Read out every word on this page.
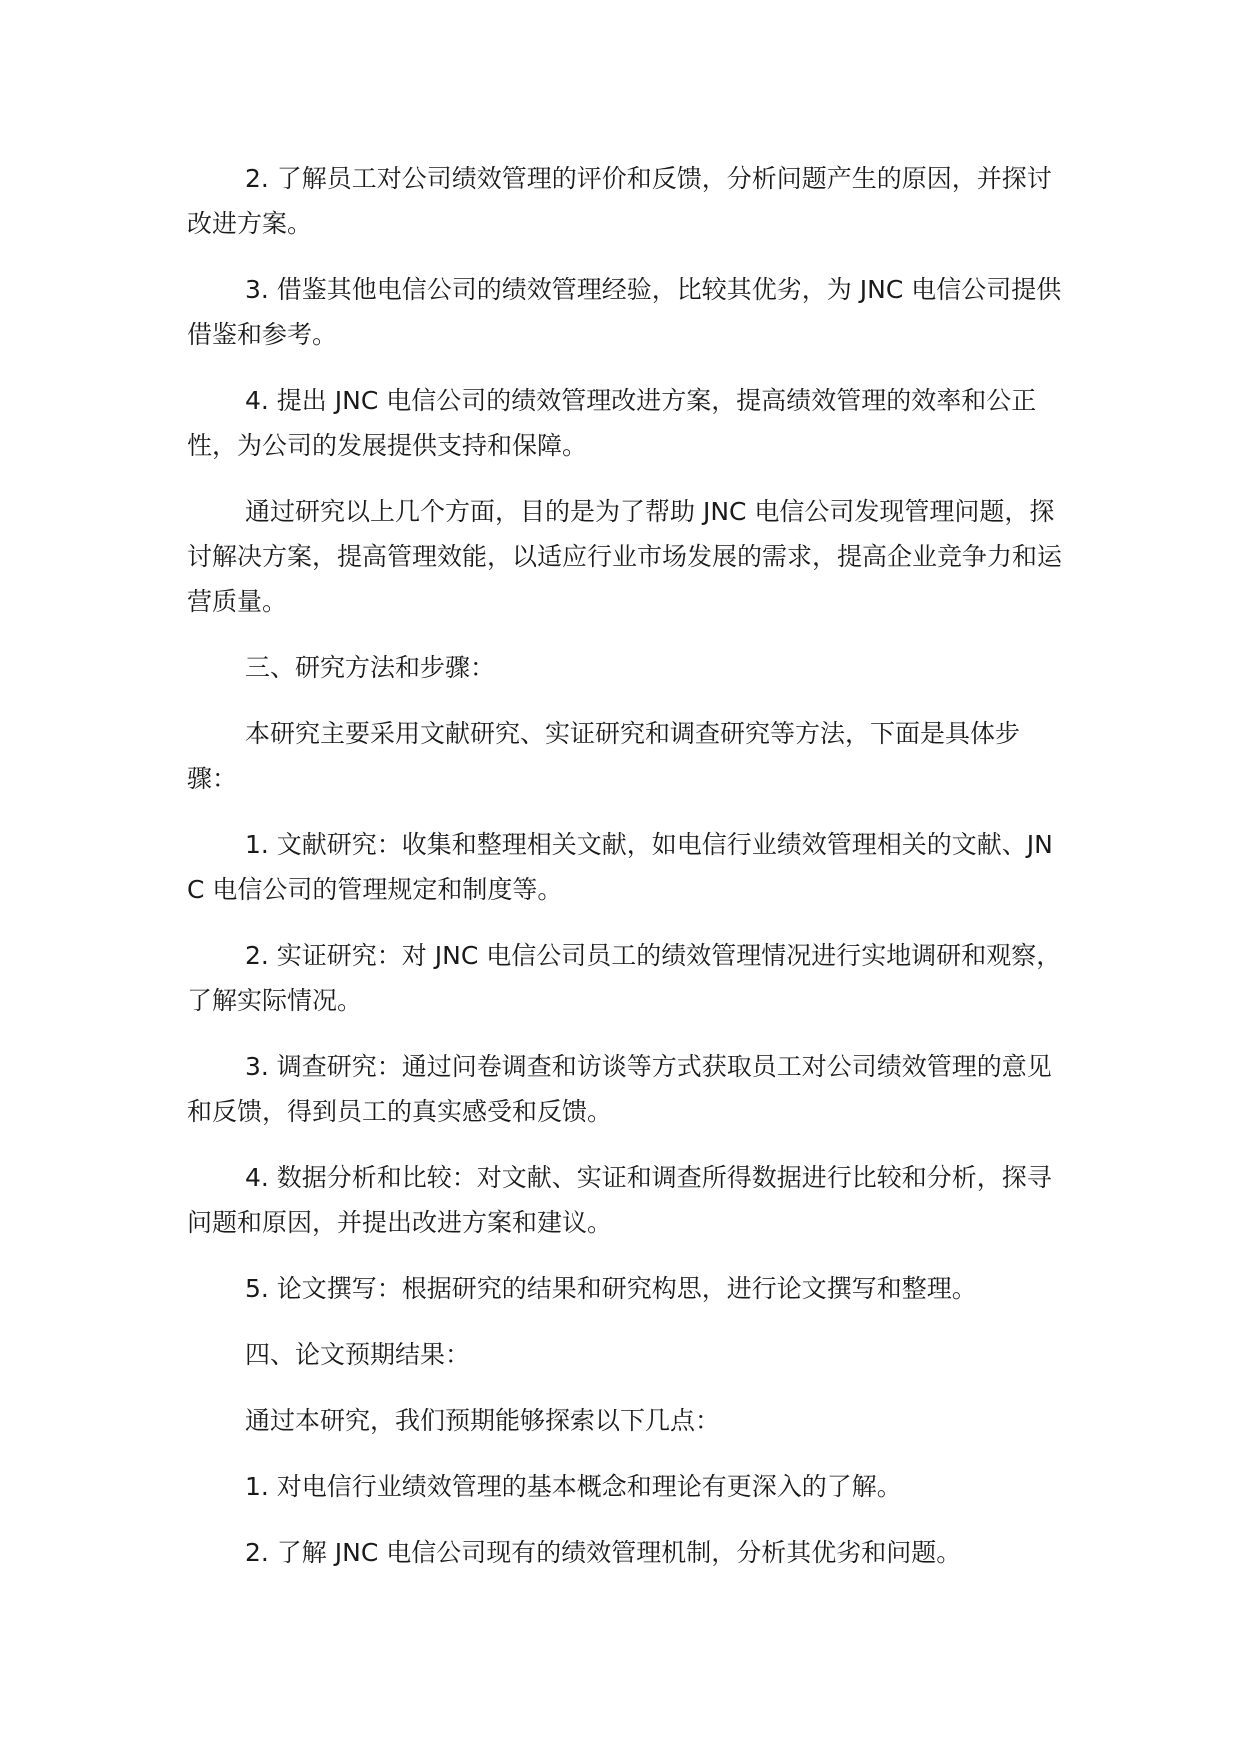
2. 了解员工对公司绩效管理的评价和反馈，分析问题产生的原因，并探讨改进方案。

3. 借鉴其他电信公司的绩效管理经验，比较其优劣，为 JNC 电信公司提供借鉴和参考。

4. 提出 JNC 电信公司的绩效管理改进方案，提高绩效管理的效率和公正性，为公司的发展提供支持和保障。

通过研究以上几个方面，目的是为了帮助 JNC 电信公司发现管理问题，探讨解决方案，提高管理效能，以适应行业市场发展的需求，提高企业竞争力和运营质量。

三、研究方法和步骤：

本研究主要采用文献研究、实证研究和调查研究等方法，下面是具体步骤：

1. 文献研究：收集和整理相关文献，如电信行业绩效管理相关的文献、JNC 电信公司的管理规定和制度等。

2. 实证研究：对 JNC 电信公司员工的绩效管理情况进行实地调研和观察，了解实际情况。

3. 调查研究：通过问卷调查和访谈等方式获取员工对公司绩效管理的意见和反馈，得到员工的真实感受和反馈。

4. 数据分析和比较：对文献、实证和调查所得数据进行比较和分析，探寻问题和原因，并提出改进方案和建议。

5. 论文撰写：根据研究的结果和研究构思，进行论文撰写和整理。

四、论文预期结果：

通过本研究，我们预期能够探索以下几点：

1. 对电信行业绩效管理的基本概念和理论有更深入的了解。

2. 了解 JNC 电信公司现有的绩效管理机制，分析其优劣和问题。
